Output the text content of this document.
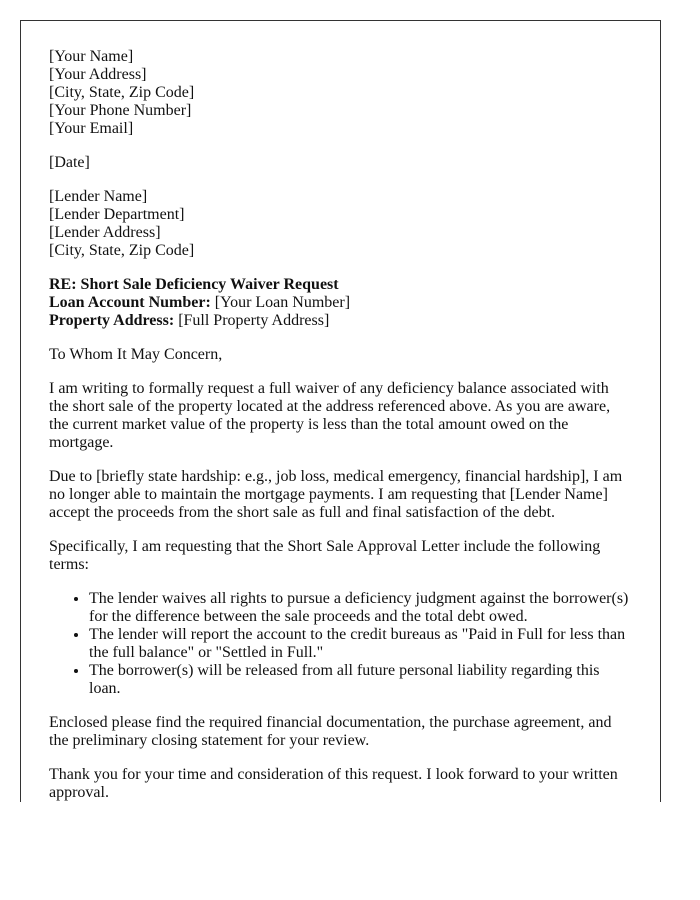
[Your Name]
[Your Address]
[City, State, Zip Code]
[Your Phone Number]
[Your Email]
[Date]
[Lender Name]
[Lender Department]
[Lender Address]
[City, State, Zip Code]
RE: Short Sale Deficiency Waiver Request
Loan Account Number: [Your Loan Number]
Property Address: [Full Property Address]

To Whom It May Concern,

I am writing to formally request a full waiver of any deficiency balance associated with the short sale of the property located at the address referenced above. As you are aware, the current market value of the property is less than the total amount owed on the mortgage.

Due to [briefly state hardship: e.g., job loss, medical emergency, financial hardship], I am no longer able to maintain the mortgage payments. I am requesting that [Lender Name] accept the proceeds from the short sale as full and final satisfaction of the debt.

Specifically, I am requesting that the Short Sale Approval Letter include the following terms:

• The lender waives all rights to pursue a deficiency judgment against the borrower(s) for the difference between the sale proceeds and the total debt owed.
• The lender will report the account to the credit bureaus as "Paid in Full for less than the full balance" or "Settled in Full."
• The borrower(s) will be released from all future personal liability regarding this loan.

Enclosed please find the required financial documentation, the purchase agreement, and the preliminary closing statement for your review.

Thank you for your time and consideration of this request. I look forward to your written approval.
